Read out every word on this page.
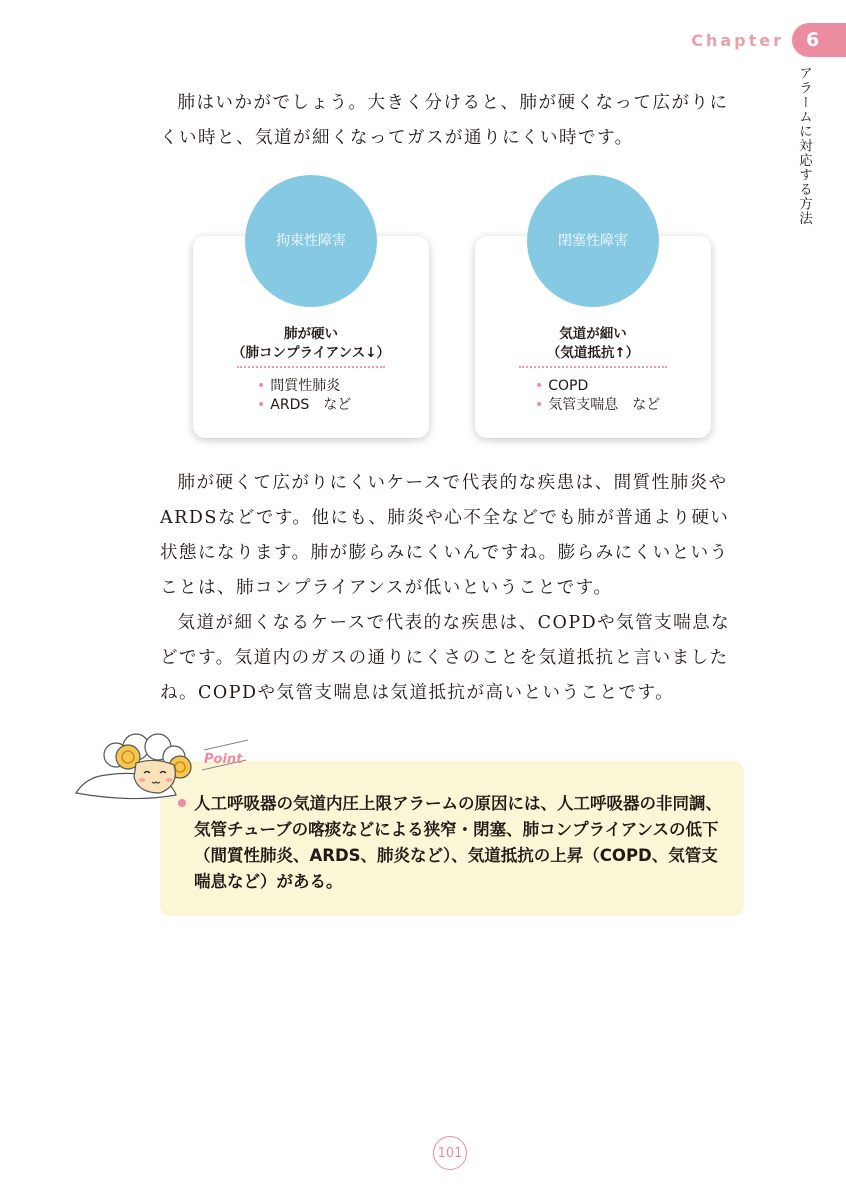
Chapter	6
アラームに対応する方法

肺はいかがでしょう。大きく分けると、肺が硬くなって広がりにくい時と、気道が細くなってガスが通りにくい時です。

肺が硬い
（肺コンプライアンス↓）
• 間質性肺炎
• ARDS　など
拘束性障害
気道が細い
（気道抵抗↑）
• COPD
• 気管支喘息　など
閉塞性障害

肺が硬くて広がりにくいケースで代表的な疾患は、間質性肺炎やARDSなどです。他にも、肺炎や心不全などでも肺が普通より硬い状態になります。肺が膨らみにくいんですね。膨らみにくいということは、肺コンプライアンスが低いということです。

気道が細くなるケースで代表的な疾患は、COPDや気管支喘息などです。気道内のガスの通りにくさのことを気道抵抗と言いましたね。COPDや気管支喘息は気道抵抗が高いということです。

人工呼吸器の気道内圧上限アラームの原因には、人工呼吸器の非同調、気管チューブの喀痰などによる狭窄・閉塞、肺コンプライアンスの低下（間質性肺炎、ARDS、肺炎など）、気道抵抗の上昇（COPD、気管支喘息など）がある。

Point
101
